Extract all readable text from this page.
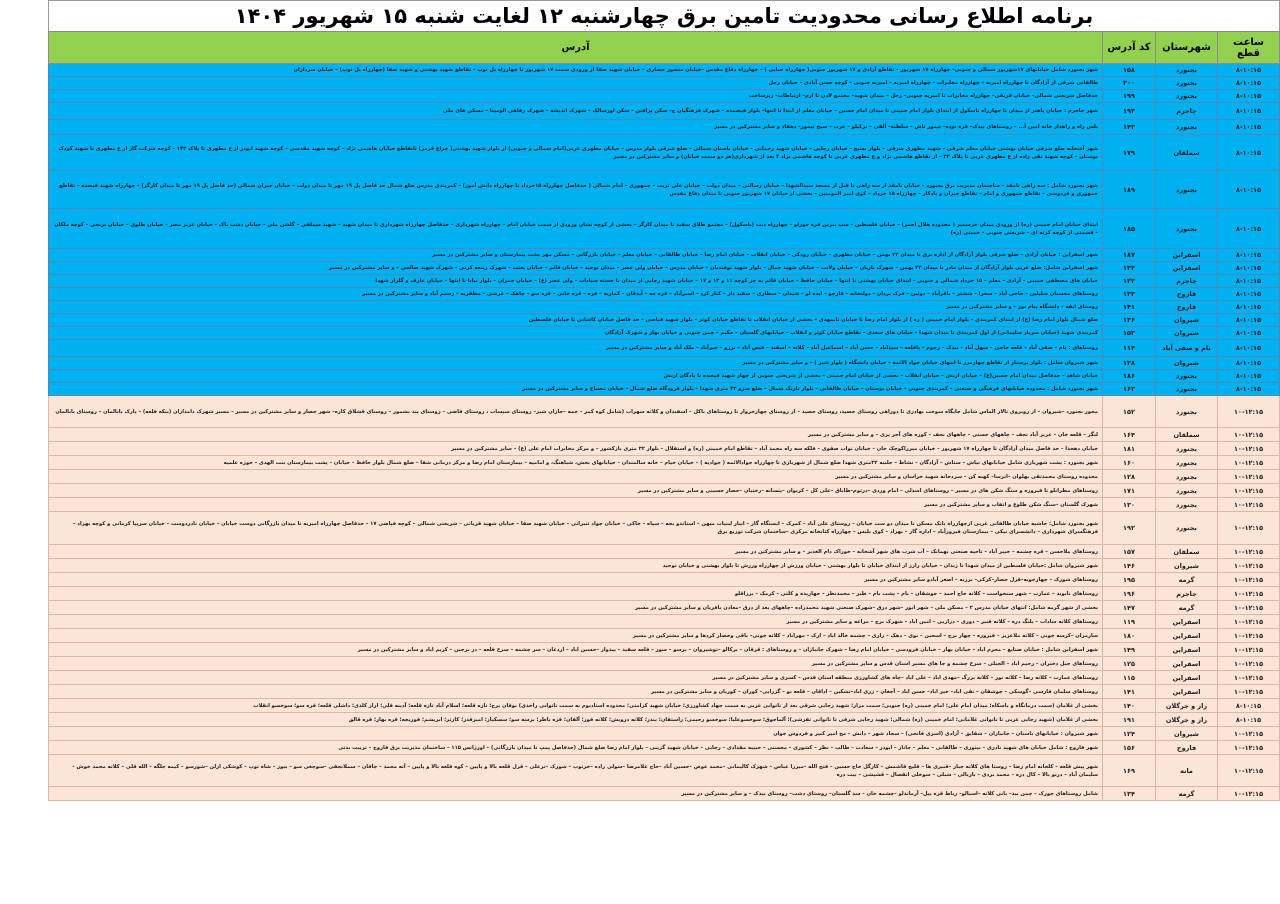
برنامه اطلاع رسانی محدودیت تامین برق چهارشنبه ۱۲ لغایت شنبه ۱۵ شهریور ۱۴۰۴
ساعت قطع	شهرستان	کد آدرس	آدرس
۸-۱۰:۱۵	بجنورد	۱۵۸	شهر بجنورد شامل خیابانهای ۱۷شهریور شمالی و جنوبی– چهارراه ۱۷ شهریور – تقاطع آزادی و ۱۷ شهریور جنوبی( چهارراه حنایی ) – چهارراه دفاع مقدس –خیابان منصور حصاری – خیابان شهید صفا از ورودی سمت ۱۷ شهریور تا چهارراه پل توپ – تقاطع شهید بهشتی و شهید صفا (چهارراه پل توپ) – خیابان سرداران
۸-۱۰:۱۵	بجنورد	۲۰۰	طالقانی شرقی از آزادگان تا چهارراه امیریه – چهارراه مخابرات – چهارراه امیریه – امیریه جنوبی – کوچه حسن آبادی – خیابان زحل
۸-۱۰:۱۵	بجنورد	۱۹۹	حدفاصل شریعتی شمالی– خیابان قرنقی– چهارراه مخابرات تا امیریه جنوبی– زحل – میدان شهید– مجتمع لادن تا ارم– ارتباطات– زیرساخت
۸-۱۰:۱۵	جاجرم	۱۹۳	شهر جاجرم : خیابان پاهنر از میدان تا چهارراه باسکول از ابتدای بلوار امام خمینی تا میدان امام حسین – خیابان معلم از ابتدا تا انتها– بلوار قیصمده – شهرک فرهنگیان ج– سکن پرافتن – سکن اورسالک – شهرک اندیشه – شهرک رفاهی الومینا – مسکن های ملی
۸-۱۰:۱۵	بجنورد	۱۴۳	بلس راه و راهدار خانه امین آ... – روستاهای بیدک– قره توده– تیمور تاش – سلطنه– آلقی – ترکیلو – غرب – سیخ تیمور– دهقاد و سایر مشترکین در مسیر
۸-۱۰:۱۵	سملقان	۱۷۹	شهر آشخانه ضلع شرقی خیابان بهشتی خیابان معلم شرقی – شهید مطهری شرقی – بلوار بسیج – خیابان رجایی – خیابان شهید رحمانی – خیابان باستان شمالی – ضلع شرقی بلوار مدرس – خیابان مطهری غربی(امام شمالی و جنوبی) از بلوار شهید بهشتی( چراغ قرمز) تاتقاطع خیابان هاشمی نژاد – کوچه شهید مقدسی – کوچه شهید ابوذر از ع مطهری تا پلاک ۱۴۳ – کوچه شرکت گاز از ع مطهری تا شهید کودک بوستان – کوچه شهید تقی زاده از ع مطهری غربی تا پلاک ۳۲ – از تقاطع هاشمی نژاد و ع مطهری غربی تا کوچه هاشمی نژاد ۴ بعد از شهرداری(هر دو سمت خیابان) و سایر مشترکین در مسیر
۸-۱۰:۱۵	بجنورد	۱۸۹	شهر بجنورد شامل : سه راهی نامقد – ساختمان مدیریت برق بجنورد – خیابان نامقد از سه راهی نا قبل از مسجد سیدالشهدا – خیابان رسالتی – میدان دولت – خیابان علی تربت – جمهوری – امام شمالی ( حدفاصل چهارراه ۱۵خرداد تا چهارراه دانش آموز) – کمربندی مدرس ضلع شمال حد فاصل پل ۱۹ مهر تا میدان دولت – خیابان جبران شمالی (حد فاصل پل ۱۹ مهر تا میدان کارگر) – چهارراه شهید قیصده – تقاطع جمهوری و فردوسی – تقاطع جمهوری و امام – تقاطع جبران و بادکار – چهارراه ۱۵ خرداد – کوی امیر المومنین – بخشی از خیابان ۱۷ شهریور جنوبی تا میدان دفاع مقدس
۸-۱۰:۱۵	بجنورد	۱۸۵	ابتدای خیابان امام خمینی (ره) از ورودی میدان خرسمیر ( محدوده هلال احمر) – خیابان فلسطین – سپ بنزین قره جورلو – چهارراه دبت (باسکول) – مجتمع طلای سفید تا میدان کارگر – بخشی از کوچه نشان ورودی از سمت خیابان امام – چهارراه شهرداری – حدفاصل چهارراه شهرداری تا میدان شهید – شهید سملقی – گلشن ملی – خیابان دشت باک – خیابان عزیز مصر – خیابان طلوی – خیابان برنجی – کوچه ملکان – قسمتی از کوچه کرته ای – شریعتی جنوبی – خمینی (ره)
۸-۱۰:۱۵	اسفراین	۱۸۷	شهر اسفراین : خیابان آزادی – ضلع شرقی بلوار آزادگان از اداره برق تا میدان ۲۲ بهمن – خیابان مطهری – خیابان رودکی – خیابان انقلاب – خیابان امام رضا – خیابان طالقانی – خیابان معلم – خیابان بازرگانی – مسکن مهر پشت بیمارستان و سایر مشترکین در مسیر
۸-۱۰:۱۵	اسفراین	۱۳۲	شهر اسفراین شامل: ضلع غربی بلوار آزادگان از میدان مادر تا میدان ۲۲ بهمن – شهرک باریان – خیابان ولایت – خیابان شهید جمال – بلوار شهید نوقندیان – خیابان مدرس – خیابان ولی عصر – میدان توحید – خیابان قائم – خیابان بعثت – شهرک زینعه کرنی – شهرک شهید صالحی – و سایر مشترکین در مسیر
۸-۱۰:۱۵	جاجرم	۱۲۳	خیابان های مصطفی خمینی – آزادی – معلم – ۱۵ خرداد شمالی و جنوبی – ابتدای خیابان بهشتی تا انتها – خیابان حافظ – خیابان قائم به جز کوچه ۱۱ و ۱۳ و ۱۷ – خیابان شهید رجایی از میدان تا خسته سیادات – ولی عصر (ع) – خیابان جمران – بلوار بیانا تا انتها – خیابان عارف و گلزار شهدا
۸-۱۰:۱۵	فاروج	۱۳۳	روستاهای محسنان سلیلین – حاجی آباد – سحرا – ششتر – باقرآباد – دوئین – فرک بردان – دولتخانه – فارچو – ایده لو – شیدان – سطاری – سفید دار – کنار کرد – اسیرآباد – قره چه – آیدقان – کماریه – فره – قره جانی – قره سو – چاهک – غرشی – مظفریه – رستم آباد و سایر مشترکین در مسیر
۸-۱۰:۱۵	فاروج	۱۴۱	روستای ابقه – دانشگاه پیام نور – و سایر مشترکین در مسیر
۸-۱۰:۱۵	شیروان	۱۳۶	ضلع شمال بلوار امام رضا (ع) از ابتدای کمربندی – بلوار امام خمینی ( ره ) از بلوار امام رضا تا خیابان تابمهدی – بخشی از خیابان انقلاب تا تقاطع خیابان کوثر – بلوار شهید فیاضی – حد فاصل خیابان کاشانی تا خیابان فلسطین
۸-۱۰:۱۵	شیروان	۱۵۳	کمربندی شهید (خیابان سرباز سلیمانی) از اول کمربندی تا میدان شهدا – خیابان های سعدی – تقاطع خیابان کوثر و انقلاب – خیابانهای گلستان – حکیم – چمن جنوبی و خیابان بهار و شهرک آزادگان
۸-۱۰:۱۵	بام و صفی آباد	۱۱۴	روستاهای : بام – صفی آباد – قلعه حاجی – سهل آباد – بیدک – رچوم – پاقلعه – سیداباد – حسن آباد – اسماعیل آباد – کلاته – اسفند – فیض آباد – برزو – خیرآباد – ملک آباد و سایر مشترکین در مسیر
۸-۱۰:۱۵	شیروان	۱۳۸	شهر شیروان شامل : بلوار پرستار از تقاطع چهارمرز تا انتهای خیابان جواد الائمه – خیابان دانشگاه ( بلوار شیر ) – و سایر مشترکین در مسیر
۸-۱۰:۱۵	بجنورد	۱۸۶	خیابان شاهد – حدفاصل میدان امام حسین(ع) – خیابان ارتش – خیابان انقلاب – بخشی از خیابان امام خمینی – بخشی از شریعتی جنوبی از چهار شهید قیصده تا پادگان ارتش
۸-۱۰:۱۵	بجنورد	۱۶۳	شهر بجنورد شامل : محدوده خیابانهای فرهنگی و صنعتی – کمربندی جنوبی – خیابان بوستان – خیابان طالقانی – بلوار تاریک شمال – ضلع سرو ۳۲ متری شهدا – بلوار فرودگاه ضلع شمال – خیابان مصباح و سایر مشترکین در مسیر
۱۰-۱۲:۱۵	بجنورد	۱۵۲	محور بجنورد –شیروان – از روبروی تالار الماس شامل جایگاه سوخت بهادری تا دوراهی روستای حصید، روستای حصید – از روستای چهارخروار تا روستاهای باکل – اسفندان و کلاته سهراب (شامل کوه کمر – جمه –جاران شیر– روستای سیساب ، روستای قاضی – روستای بند بشمور – روستای قشلاق کاره– شهر حصار و سایر مشترکین در مسیر – مسیر شهرک دامداران (بنکه قلعه) – پارک بابالمان – روستای بابالمان
۱۰-۱۲:۱۵	سملقان	۱۶۴	لنگر – قلعه خان – عزیز آباد نجف – چاههای حسنی – چاههای نجف – کوره های آجر پزی – و سایر مشترکین در مسیر
۱۰-۱۲:۱۵	بجنورد	۱۸۱	خیابان دهخدا – حد فاصل میدان آزادگان تا چهارراه ۱۷ شهریور – خیابان میرزاکوچک خان – خیابان نواب صفوی – فلکه سه راه محمد آباد – تقاطع امام خمینی (ره) و استقلال – بلوار ۳۲ متری بازکشور – و مرکز مخابرات امام علی (ع) – سایر مشترکین در مسیر
۱۰-۱۲:۱۵	بجنورد	۱۶۰	شهر بجنورد : پشت شهربازی شامل خیابانهای تیاش – ستاش – آزادگان – نشاط – جلنبه ۳۲متری شهدا ضلع شمال از شهربازی تا چهارراه جوادالائمه ( جوادیه ) – خیابان خیام – خانه سالمندان – خیابانهای بخش، شباهنگ، و امامیه – بیمارستان امام رضا و مرکز درمانی شفا – ضلع شمال بلوار حافظ – خیابان – پشت بیمارستان بنت الهدی – حوزه علمیه
۱۰-۱۲:۱۵	بجنورد	۱۲۸	محدوده روستای محمدتقی بهلوان –اترسا– کهنه کن – سردخانه شهید خراسان و سایر مشترکین در مسیر
۱۰-۱۲:۱۵	بجنورد	۱۷۱	روستاهای مطرانلو تا فیروزه و سنگ شکن های در مسیر – روستاهای اسدلی – امام وردی –درتوم–طایاق –علی کل – کریوان –ینساته –رختیان –حصار حسینی و سایر مشترکین در مسیر
۱۰-۱۲:۱۵	بجنورد	۱۳۰	شهرک گلستان –سنگ شکن طلوع و اتفاب و سایر مشترکین در مسیر
۱۰-۱۲:۱۵	بجنورد	۱۹۲	شهر بجنورد شامل: حاشیه خیابان طالقانی غربی ازچهارراه بانک مسکن تا میدان دو ست خیابان – روستای علی آباد – کمرک – ایستگاه گاز – انبار لبنیات میهن – استاندو بجه – سپاه – خاکی – خیابان جواد ثنیراتی – خیابان شهید صفا – خیابان شهید قربانی – شریعتی شمالی – کوچه فیاضی ۱۷ – حدفاصل چهارراه امیریه تا میدان بازرگانی دوست خیابان – خیابان نادردوست – خیابان سرپیا کرمانی و کوچه بهزاد – فرهنگسرای شهرداری – دانشسرای نیکی – بیمارستان فیروزآباد – اداره گاز – بهزاد – کوی بلیس – چهارراه کتابخانه مرکزی –ساختمان شرکت توزیع برق
۱۰-۱۲:۱۵	سملقان	۱۵۷	روستاهای ملاحسن – قره چشمه – خیبر آباد – ناحیه صنعتی بهمانک – آب شرب های شهر آشخانه – خوراک دام الغدیر – و سایر مشترکین در مسیر
۱۰-۱۲:۱۵	شیروان	۱۴۶	شهر شیروان شامل :خیابان فلسطین از میدان شهدا تا زندان – خیابان رازز از ابتدای خیابان تا بلوار بهشتی – خیابان ورزش از چهارراه ورزش تا بلوار بهشتی و خیابان توحید
۱۰-۱۲:۱۵	گرمه	۱۹۵	روستاهای شورک – چهارجویه–قزل حصار–کرکی– برزنه – اصغر آبادو سایر مشترکین در مسیر
۱۰-۱۲:۱۵	جاجرم	۱۹۶	روستاهای نابوند – عمارت – شهر سنخواست – کلاته حاج احمد – جوشقان – بام – پشت بام – طبر – محمدنظر – جهارپده و کلتی – کرمک – برزاقلو
۱۰-۱۲:۱۵	گرمه	۱۴۷	بخشی از شهر گرمه شامل: انتهای خیابان مدرس ۲ – مسکن ملی – شهر ابور –شهر درق –شهرک صنعتی شهید محمدزاده –چاههای بعد از درق –معادن بافریان و سایر مشترکین در مسیر
۱۰-۱۲:۱۵	اسفراین	۱۱۹	روستاهای کلاته سادات – بلنگ دره – کلاته قنبر – دوری – دزازیی – امین اباد – شهرک برج – مراغه و سایر مشترکین در مسیر
۱۰-۱۲:۱۵	اسفراین	۱۸۰	سارمران –کرسه خونی – کلاته ملاعزیز – فیروزه – چهار برج – اسحین – نوی – دهک – زاری – چشمه خالد اباد – ارک – مهراباد – کلاته خونی– باقی وحصار کردها و سایر مشترکین در مسیر
۱۰-۱۲:۱۵	اسفراین	۱۴۹	شهر اسفراین شامل : خیابان صنایع – محرم اباد – خیابان بهار – خیابان فرودسی – خیابان امام رضا – شهرک جانبازان – و روستاهای : قرقان – برکالو –توشیروان – برسو – سور – قلعه سفید – بیدواز –حسین اباد – اردغان – سر چشمه – سرخ قلعه – در برجین – کریم اباد و سایر مشترکین در مسیر
۱۰-۱۲:۱۵	اسفراین	۱۲۵	روستاهای جیل دختران – رحیم اباد – الجیلی – سرخ چشمه و جا های مسیر استان قدس و سایر مشترکین در مسیر
۱۰-۱۲:۱۵	اسفراین	۱۱۵	روستاهای عمارت – کلاته رضا – کلاته نور – کلاته بزرگ –مهدی اباد – علی اباد –چاه های کشاورزی منطقه استان قدس – کسری و سایر مشترکین در مسیر
۱۰-۱۲:۱۵	اسفراین	۱۴۱	روستاهای سلمان فارسی –گوسکی – جوشقان – نقی اباد– خیر اباد– حسن اباد – آجغان – زری اباد–تشکین – اداقان – قلعه نو – گزرایی– کوران – کوربان و سایر مشترکین در مسیر
۸-۱۰:۱۵	راز و جرگلان	۱۴۰	بخشی از غلامان (سمت درمانگاه و باسکاه؛ میدان امام علی؛ امام خمینی (ره) جنوبی؛ سمت مزار؛ شهید رجایی شرقی بعد از تاتوانی غربی به سمت جهاد کشاورزی؛ خیابان شهید کرامتی؛ محدوده استادیوم به سمت تاتوانی راحدی) بوقان برج؛ تازه قلعه؛ اسلام آباد تازه قلعه؛ آدینه قلی؛ اراز کلدی؛ داشلی قلعه؛ قره سو؛ سوخسو انقلاب
۸-۱۰:۱۵	راز و جرگلان	۱۹۱	بخشی از غلامان (شهید رجایی غربی تا تاتوانی غلامانی؛ امام خمینی (ره) شمالی؛ شهید رجایی شرقی تا تاتوانی تفرشی)؛ آلماجوق؛ سوخسوعلیا؛ سوخسو رحیمی؛ راستقان؛ بندر؛ کلاته درویش؛ کلاته قوز؛ آلقان؛ قره باطر؛ برسه سو؛ سسکیار؛ امیرقدر؛ کارتر؛ ابریشم؛ قوریجه؛ قره بهار؛ قره قالق
۱۰-۱۲:۱۵	شیروان	۱۲۴	شهر شیروان : خیابانهای باستان – جانبازان – شقایق – آزادی (اسری فاتحی) – سجاد شهر – دانش – مخ امیر کبیر و فردوس جوان
۱۰-۱۲:۱۵	فاروج	۱۵۶	شهر فاروج : شامل خیابان های شهید نادری – نیتوری – طالقانی – معلم – جاناز – ابوذر – سعادت – طالب – نظر – کشوری – محسنی – حبیبه مقدادی – رجایی – خیابان شهید گزینی – بلوار امام رضا ضلع شمال (حدفاصل پمپ تا میدان بازرگانی) – اورژانس ۱۱۵ – ساختمان مدیریت برق فاروج – تربیت بدنی
۱۰-۱۲:۱۵	مانه	۱۶۹	شهر پیش قلعه – کلخانه امام رضا – روستا های کلاته جبار –قنبری ها – قلیج قاشمش – کارگل حاج حسین – فتح الله –میرزا عباس – شهرک کالیمانی –محمد عوض –حسین آباد –حاج غلامرضا –سولی زاده –خرتوب – شورک –ترعلی – قزل قلعه بالا و پایین – کوه قلعه بالا و پایین – آته محمد – جاقان – سملاتجقی –سوچغی سو – بیوز – شاه توپ – کوشکی ارلن –شورسو – کیمه جلگه – الله قلی – کلاته محمد خوش – سلیمان آباد – درتو بالا – کال دره – محمد بردی – باربالی – شبلی – سوخلی انقصال – قشیشی – بیت دره
۱۰-۱۲:۱۵	گرمه	۱۳۴	شامل روستاهای جورک – چمن بید– بانی کلاته –اسبالو– رباط قره بیل– آرماندلو –چشمه خان – سد گلستان– روستای دشت– روستای بیدک – و سایر مشترکین در مسیر
